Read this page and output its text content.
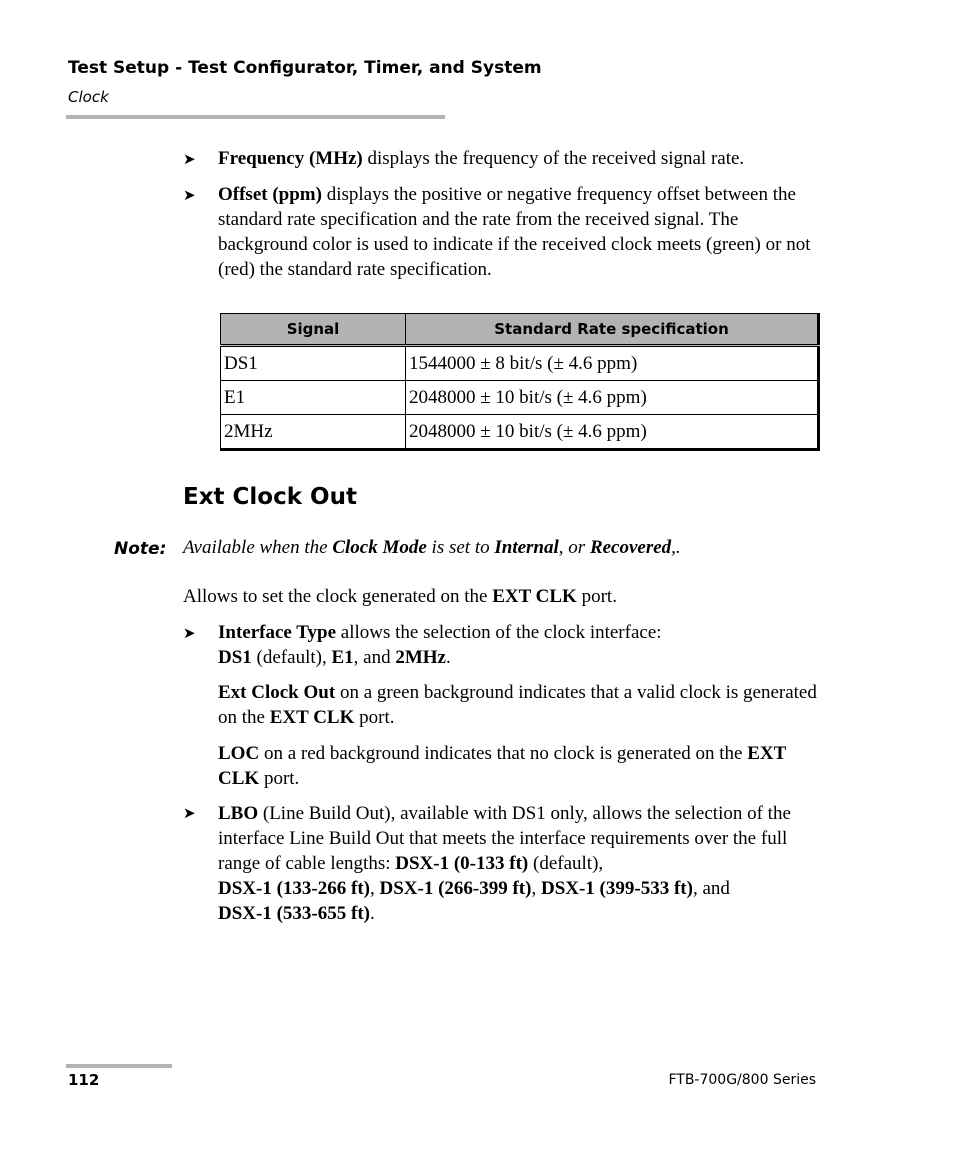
Test Setup - Test Configurator, Timer, and System
Clock
➤ Frequency (MHz) displays the frequency of the received signal rate.
➤ Offset (ppm) displays the positive or negative frequency offset between the standard rate specification and the rate from the received signal. The background color is used to indicate if the received clock meets (green) or not (red) the standard rate specification.
Signal	Standard Rate specification
DS1	1544000 ± 8 bit/s (± 4.6 ppm)
E1	2048000 ± 10 bit/s (± 4.6 ppm)
2MHz	2048000 ± 10 bit/s (± 4.6 ppm)
Ext Clock Out
Note: Available when the Clock Mode is set to Internal, or Recovered,.
Allows to set the clock generated on the EXT CLK port.
➤ Interface Type allows the selection of the clock interface:
DS1 (default), E1, and 2MHz.
Ext Clock Out on a green background indicates that a valid clock is generated on the EXT CLK port.
LOC on a red background indicates that no clock is generated on the EXT CLK port.
➤ LBO (Line Build Out), available with DS1 only, allows the selection of the interface Line Build Out that meets the interface requirements over the full range of cable lengths: DSX-1 (0-133 ft) (default),
DSX-1 (133-266 ft), DSX-1 (266-399 ft), DSX-1 (399-533 ft), and
DSX-1 (533-655 ft).
112	FTB-700G/800 Series
